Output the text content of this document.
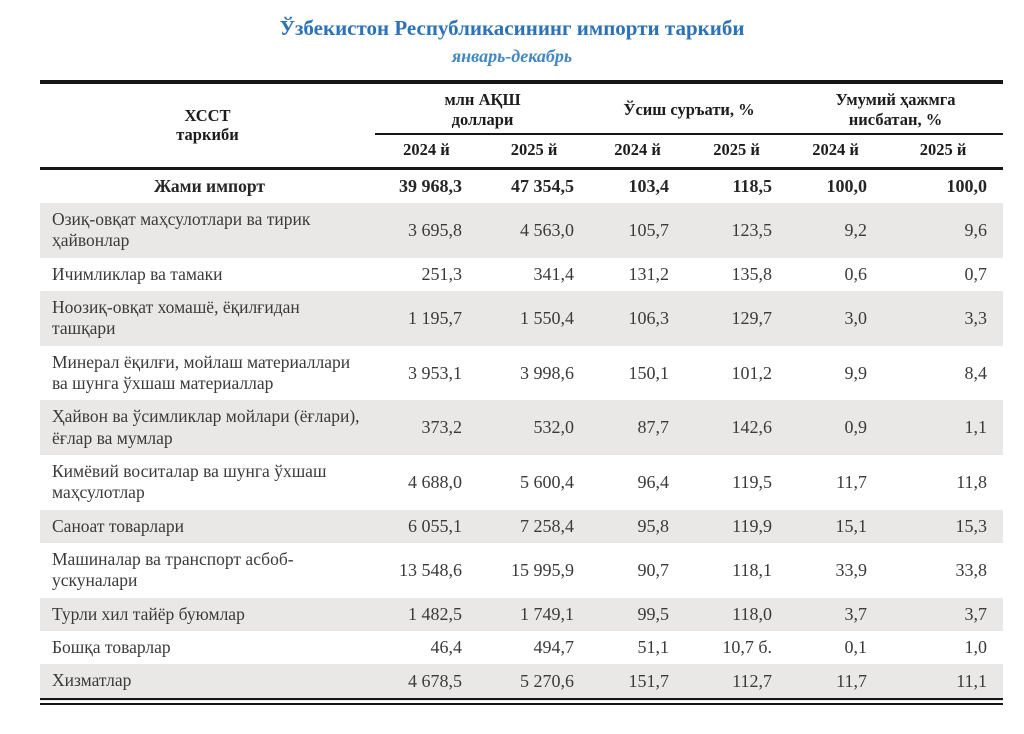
Ўзбекистон Республикасининг импорти таркиби
январь-декабрь
ХССТ
таркиби

млн АҚШ
доллари

Ўсиш суръати, %

Умумий ҳажмга
нисбатан, %

	2024 й	2025 й	2024 й	2025 й	2024 й	2025 й
Жами импорт	39 968,3	47 354,5	103,4	118,5	100,0	100,0
Озиқ-овқат маҳсулотлари ва тирик ҳайвонлар	3 695,8	4 563,0	105,7	123,5	9,2	9,6
Ичимликлар ва тамаки	251,3	341,4	131,2	135,8	0,6	0,7
Ноозиқ-овқат хомашё, ёқилғидан ташқари	1 195,7	1 550,4	106,3	129,7	3,0	3,3
Минерал ёқилғи, мойлаш материаллари ва шунга ўхшаш материаллар	3 953,1	3 998,6	150,1	101,2	9,9	8,4
Ҳайвон ва ўсимликлар мойлари (ёғлари), ёғлар ва мумлар	373,2	532,0	87,7	142,6	0,9	1,1
Кимёвий воситалар ва шунга ўхшаш маҳсулотлар	4 688,0	5 600,4	96,4	119,5	11,7	11,8
Саноат товарлари	6 055,1	7 258,4	95,8	119,9	15,1	15,3
Машиналар ва транспорт асбоб-ускуналари	13 548,6	15 995,9	90,7	118,1	33,9	33,8
Турли хил тайёр буюмлар	1 482,5	1 749,1	99,5	118,0	3,7	3,7
Бошқа товарлар	46,4	494,7	51,1	10,7 б.	0,1	1,0
Хизматлар	4 678,5	5 270,6	151,7	112,7	11,7	11,1
